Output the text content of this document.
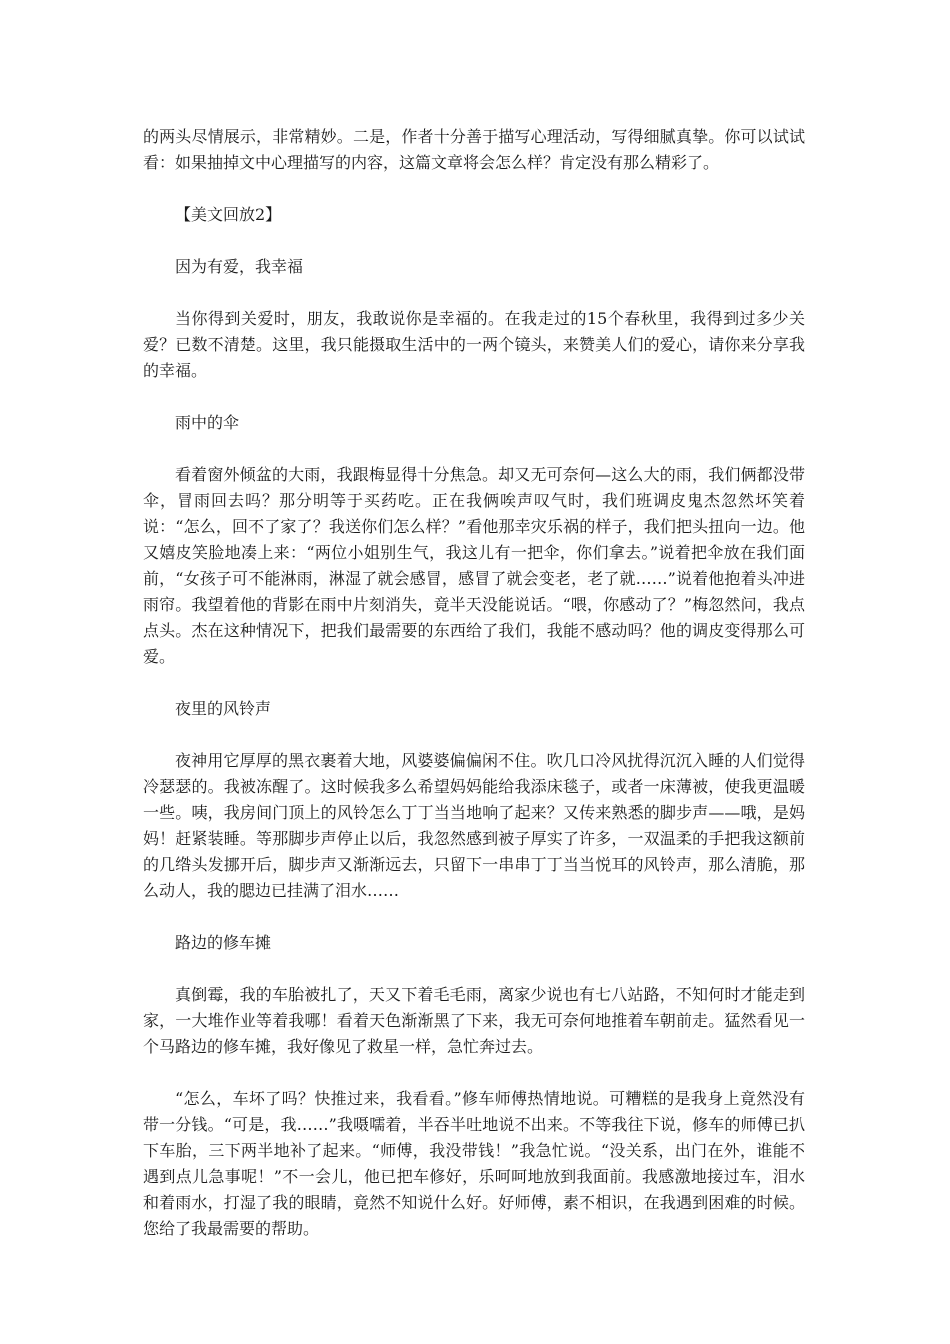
的两头尽情展示，非常精妙。二是，作者十分善于描写心理活动，写得细腻真挚。你可以试试看：如果抽掉文中心理描写的内容，这篇文章将会怎么样？肯定没有那么精彩了。

【美文回放2】

因为有爱，我幸福

当你得到关爱时，朋友，我敢说你是幸福的。在我走过的15个春秋里，我得到过多少关爱？已数不清楚。这里，我只能摄取生活中的一两个镜头，来赞美人们的爱心，请你来分享我的幸福。

雨中的伞

看着窗外倾盆的大雨，我跟梅显得十分焦急。却又无可奈何—这么大的雨，我们俩都没带伞，冒雨回去吗？那分明等于买药吃。正在我俩唉声叹气时，我们班调皮鬼杰忽然坏笑着说：“怎么，回不了家了？我送你们怎么样？”看他那幸灾乐祸的样子，我们把头扭向一边。他又嬉皮笑脸地凑上来：“两位小姐别生气，我这儿有一把伞，你们拿去。”说着把伞放在我们面前，“女孩子可不能淋雨，淋湿了就会感冒，感冒了就会变老，老了就……”说着他抱着头冲进雨帘。我望着他的背影在雨中片刻消失，竟半天没能说话。“喂，你感动了？”梅忽然问，我点点头。杰在这种情况下，把我们最需要的东西给了我们，我能不感动吗？他的调皮变得那么可爱。

夜里的风铃声

夜神用它厚厚的黑衣裹着大地，风婆婆偏偏闲不住。吹几口冷风扰得沉沉入睡的人们觉得冷瑟瑟的。我被冻醒了。这时候我多么希望妈妈能给我添床毯子，或者一床薄被，使我更温暖一些。咦，我房间门顶上的风铃怎么丁丁当当地响了起来？又传来熟悉的脚步声——哦，是妈妈！赶紧装睡。等那脚步声停止以后，我忽然感到被子厚实了许多，一双温柔的手把我这额前的几绺头发挪开后，脚步声又渐渐远去，只留下一串串丁丁当当悦耳的风铃声，那么清脆，那么动人，我的腮边已挂满了泪水……

路边的修车摊

真倒霉，我的车胎被扎了，天又下着毛毛雨，离家少说也有七八站路，不知何时才能走到家，一大堆作业等着我哪！看着天色渐渐黑了下来，我无可奈何地推着车朝前走。猛然看见一个马路边的修车摊，我好像见了救星一样，急忙奔过去。

“怎么，车坏了吗？快推过来，我看看。”修车师傅热情地说。可糟糕的是我身上竟然没有带一分钱。“可是，我……”我嗫嚅着，半吞半吐地说不出来。不等我往下说，修车的师傅已扒下车胎，三下两半地补了起来。“师傅，我没带钱！”我急忙说。“没关系，出门在外，谁能不遇到点儿急事呢！”不一会儿，他已把车修好，乐呵呵地放到我面前。我感激地接过车，泪水和着雨水，打湿了我的眼睛，竟然不知说什么好。好师傅，素不相识，在我遇到困难的时候。您给了我最需要的帮助。
